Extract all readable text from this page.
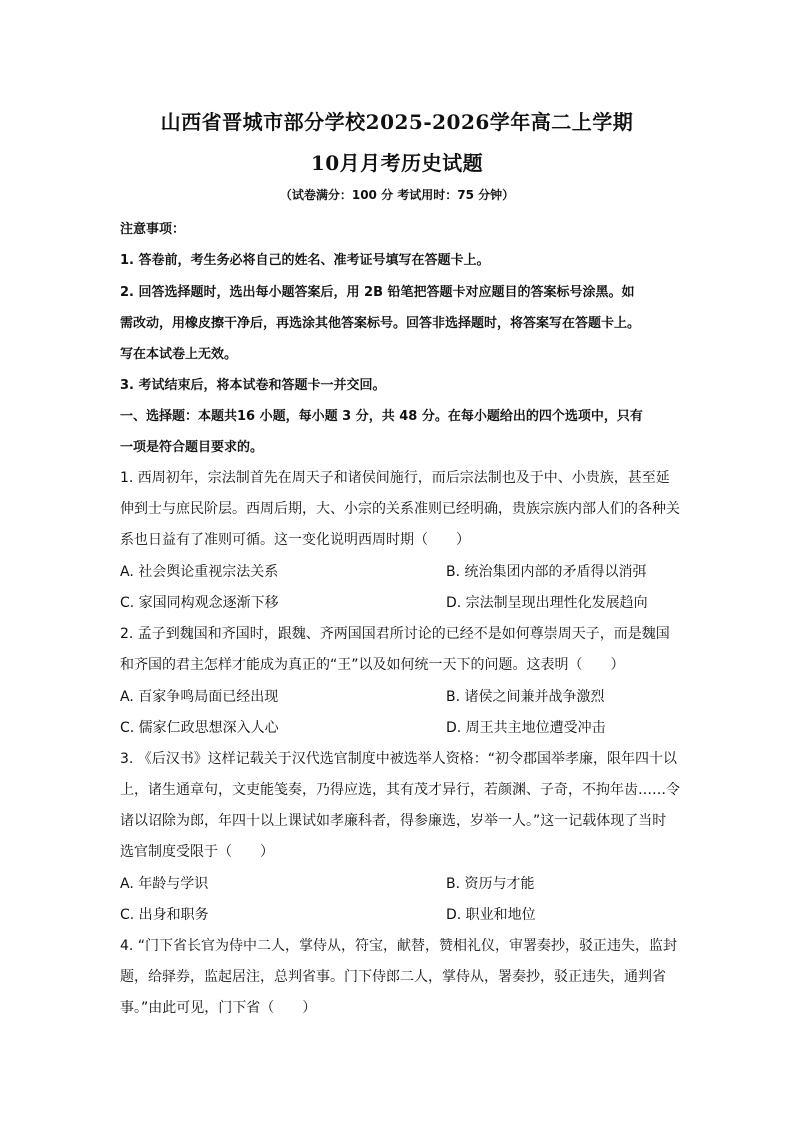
山西省晋城市部分学校2025-2026学年高二上学期
10月月考历史试题
（试卷满分：100 分 考试用时：75 分钟）
注意事项：
1. 答卷前，考生务必将自己的姓名、准考证号填写在答题卡上。
2. 回答选择题时，选出每小题答案后，用 2B 铅笔把答题卡对应题目的答案标号涂黑。如
需改动，用橡皮擦干净后，再选涂其他答案标号。回答非选择题时，将答案写在答题卡上。
写在本试卷上无效。
3. 考试结束后，将本试卷和答题卡一并交回。
一、选择题：本题共16 小题，每小题 3 分，共 48 分。在每小题给出的四个选项中，只有
一项是符合题目要求的。
1. 西周初年，宗法制首先在周天子和诸侯间施行，而后宗法制也及于中、小贵族，甚至延
伸到士与庶民阶层。西周后期，大、小宗的关系准则已经明确，贵族宗族内部人们的各种关
系也日益有了准则可循。这一变化说明西周时期（　　）
A. 社会舆论重视宗法关系	B. 统治集团内部的矛盾得以消弭
C. 家国同构观念逐渐下移	D. 宗法制呈现出理性化发展趋向
2. 孟子到魏国和齐国时，跟魏、齐两国国君所讨论的已经不是如何尊崇周天子，而是魏国
和齐国的君主怎样才能成为真正的“王”以及如何统一天下的问题。这表明（　　）
A. 百家争鸣局面已经出现	B. 诸侯之间兼并战争激烈
C. 儒家仁政思想深入人心	D. 周王共主地位遭受冲击
3. 《后汉书》这样记载关于汉代选官制度中被选举人资格：“初令郡国举孝廉，限年四十以
上，诸生通章句，文吏能笺奏，乃得应选，其有茂才异行，若颜渊、子奇，不拘年齿……令
诸以诏除为郎，年四十以上课试如孝廉科者，得参廉选，岁举一人。”这一记载体现了当时
选官制度受限于（　　）
A. 年龄与学识	B. 资历与才能
C. 出身和职务	D. 职业和地位
4. “门下省长官为侍中二人，掌侍从，符宝，献替，赞相礼仪，审署奏抄，驳正违失，监封
题，给驿券，监起居注，总判省事。门下侍郎二人，掌侍从，署奏抄，驳正违失，通判省
事。”由此可见，门下省（　　）
